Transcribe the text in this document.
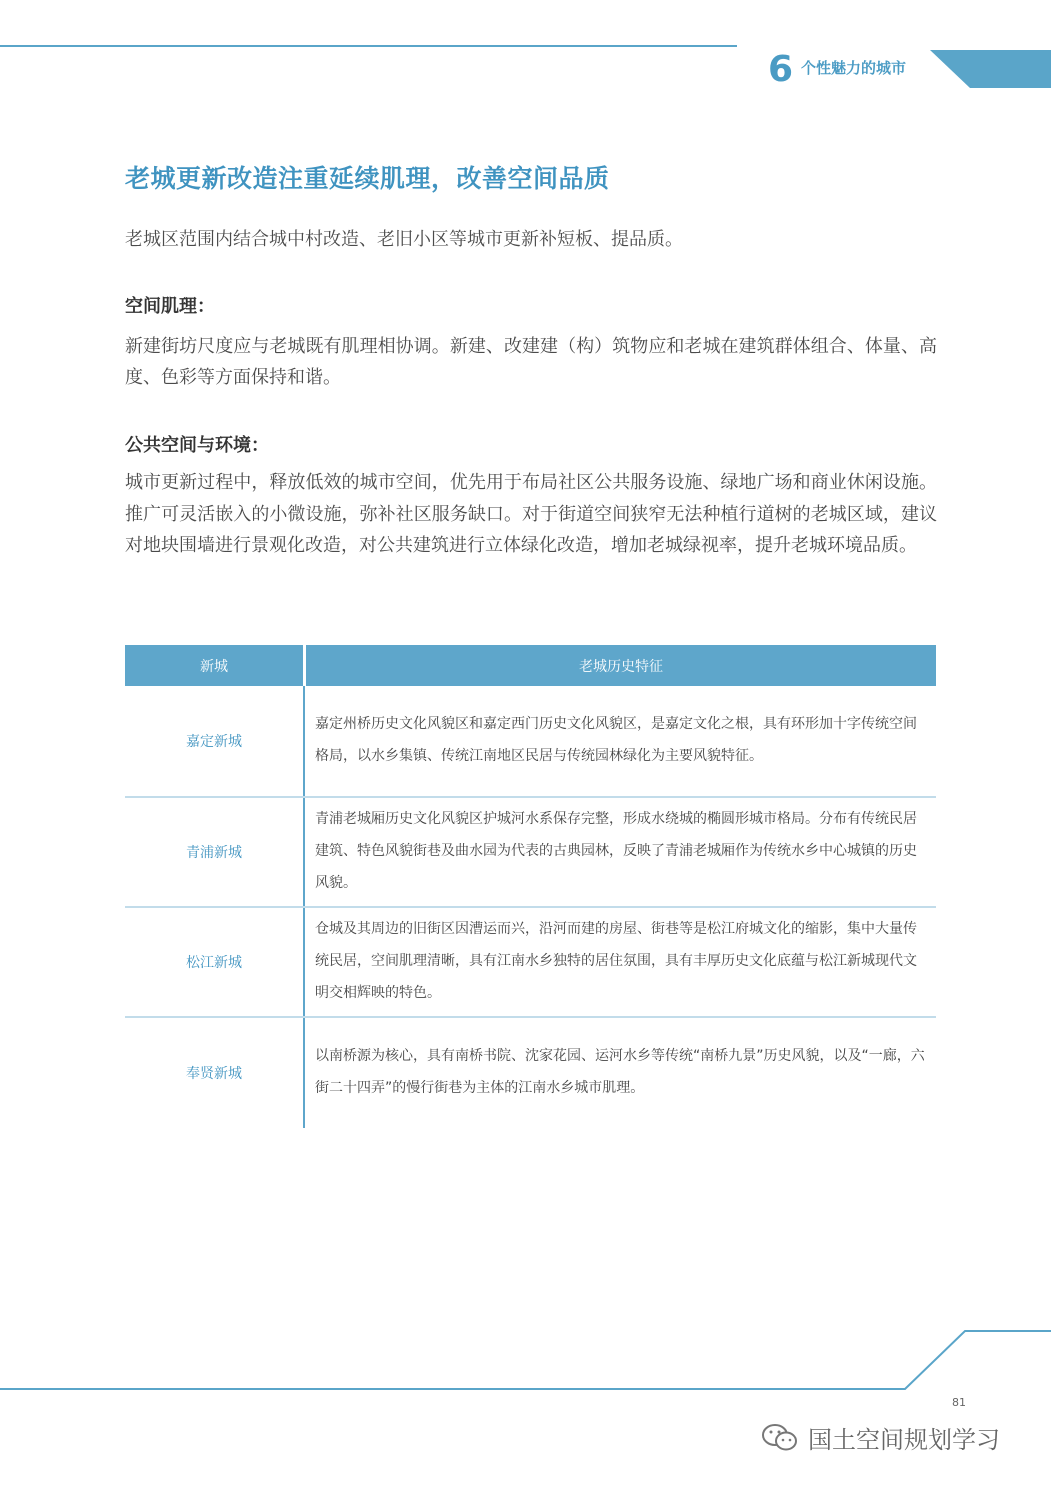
6 个性魅力的城市
老城更新改造注重延续肌理，改善空间品质
老城区范围内结合城中村改造、老旧小区等城市更新补短板、提品质。
空间肌理：
新建街坊尺度应与老城既有肌理相协调。新建、改建建（构）筑物应和老城在建筑群体组合、体量、高度、色彩等方面保持和谐。
公共空间与环境：
城市更新过程中，释放低效的城市空间，优先用于布局社区公共服务设施、绿地广场和商业休闲设施。推广可灵活嵌入的小微设施，弥补社区服务缺口。对于街道空间狭窄无法种植行道树的老城区域，建议对地块围墙进行景观化改造，对公共建筑进行立体绿化改造，增加老城绿视率，提升老城环境品质。
新城	老城历史特征
嘉定新城
嘉定州桥历史文化风貌区和嘉定西门历史文化风貌区，是嘉定文化之根，具有环形加十字传统空间格局，以水乡集镇、传统江南地区民居与传统园林绿化为主要风貌特征。
青浦新城
青浦老城厢历史文化风貌区护城河水系保存完整，形成水绕城的椭圆形城市格局。分布有传统民居建筑、特色风貌街巷及曲水园为代表的古典园林，反映了青浦老城厢作为传统水乡中心城镇的历史风貌。
松江新城
仓城及其周边的旧街区因漕运而兴，沿河而建的房屋、街巷等是松江府城文化的缩影，集中大量传统民居，空间肌理清晰，具有江南水乡独特的居住氛围，具有丰厚历史文化底蕴与松江新城现代文明交相辉映的特色。
奉贤新城
以南桥源为核心，具有南桥书院、沈家花园、运河水乡等传统“南桥九景”历史风貌，以及“一廊，六街二十四弄”的慢行街巷为主体的江南水乡城市肌理。
81
国土空间规划学习
